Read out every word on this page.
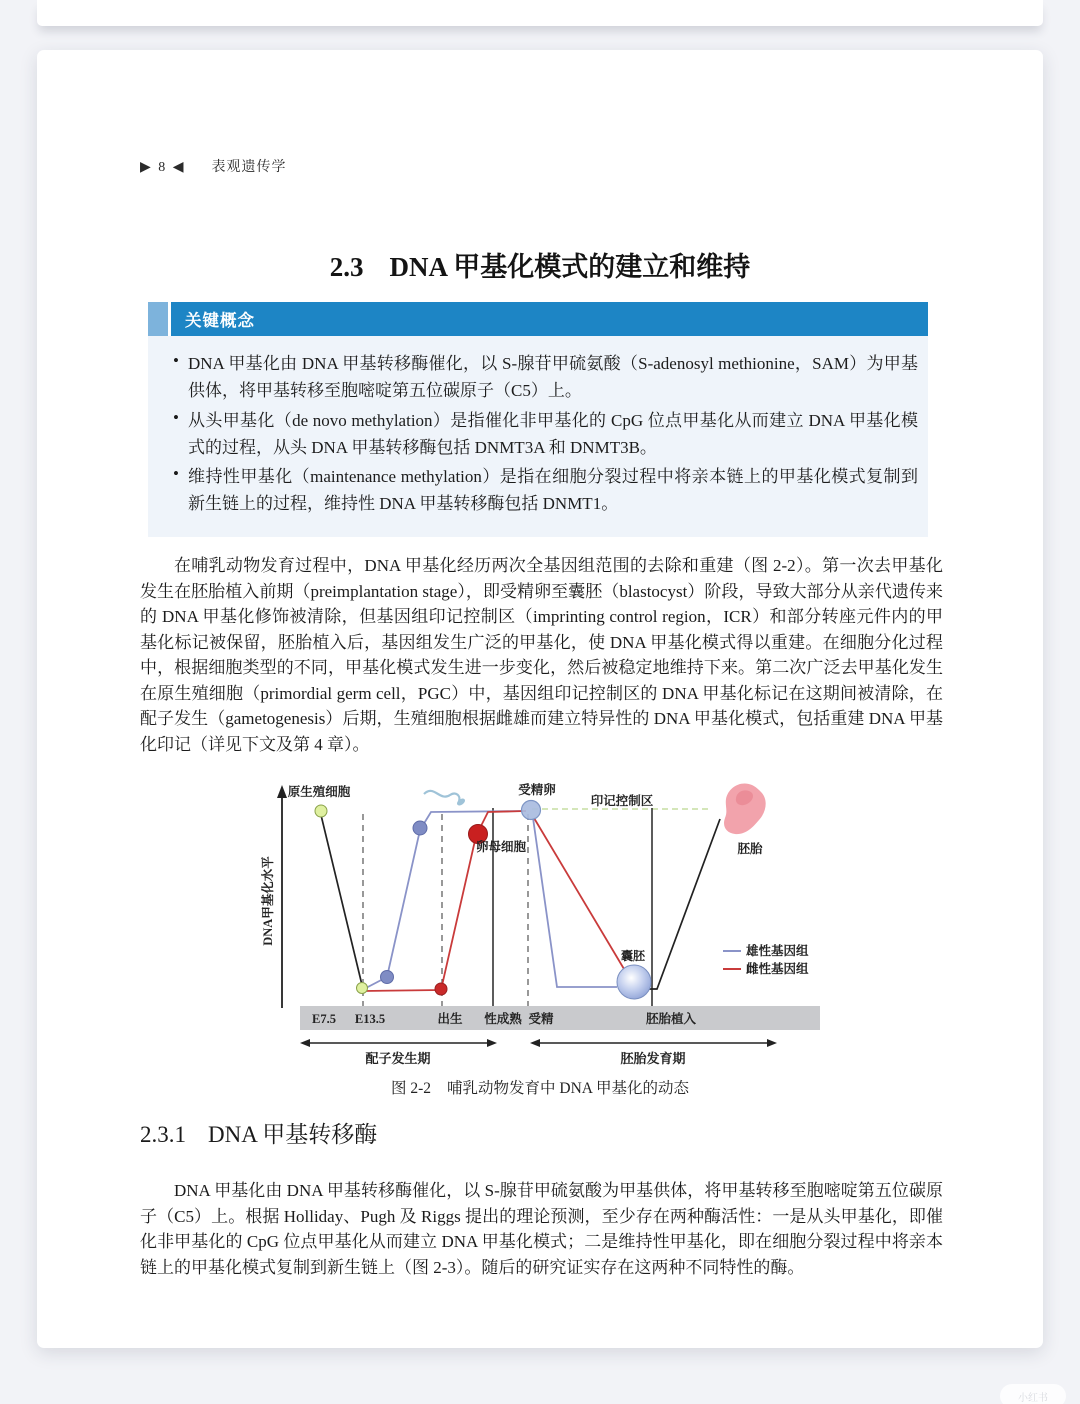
▶ 8 ◀ 表观遗传学
2.3 DNA 甲基化模式的建立和维持
关键概念
• DNA 甲基化由 DNA 甲基转移酶催化，以 S-腺苷甲硫氨酸（S-adenosyl methionine，SAM）为甲基供体，将甲基转移至胞嘧啶第五位碳原子（C5）上。
• 从头甲基化（de novo methylation）是指催化非甲基化的 CpG 位点甲基化从而建立 DNA 甲基化模式的过程，从头 DNA 甲基转移酶包括 DNMT3A 和 DNMT3B。
• 维持性甲基化（maintenance methylation）是指在细胞分裂过程中将亲本链上的甲基化模式复制到新生链上的过程，维持性 DNA 甲基转移酶包括 DNMT1。
在哺乳动物发育过程中，DNA 甲基化经历两次全基因组范围的去除和重建（图 2-2）。第一次去甲基化发生在胚胎植入前期（preimplantation stage），即受精卵至囊胚（blastocyst）阶段，导致大部分从亲代遗传来的 DNA 甲基化修饰被清除，但基因组印记控制区（imprinting control region，ICR）和部分转座元件内的甲基化标记被保留，胚胎植入后，基因组发生广泛的甲基化，使 DNA 甲基化模式得以重建。在细胞分化过程中，根据细胞类型的不同，甲基化模式发生进一步变化，然后被稳定地维持下来。第二次广泛去甲基化发生在原生殖细胞（primordial germ cell，PGC）中，基因组印记控制区的 DNA 甲基化标记在这期间被清除，在配子发生（gametogenesis）后期，生殖细胞根据雌雄而建立特异性的 DNA 甲基化模式，包括重建 DNA 甲基化印记（详见下文及第 4 章）。
DNA甲基化水平
原生殖细胞	受精卵
印记控制区
胚胎
卵母细胞
囊胚	雄性基因组
雌性基因组
E7.5 E13.5	出生 性成熟 受精	胚胎植入
配子发生期	胚胎发育期
图 2-2 哺乳动物发育中 DNA 甲基化的动态
2.3.1 DNA 甲基转移酶
DNA 甲基化由 DNA 甲基转移酶催化，以 S-腺苷甲硫氨酸为甲基供体，将甲基转移至胞嘧啶第五位碳原子（C5）上。根据 Holliday、Pugh 及 Riggs 提出的理论预测，至少存在两种酶活性：一是从头甲基化，即催化非甲基化的 CpG 位点甲基化从而建立 DNA 甲基化模式；二是维持性甲基化，即在细胞分裂过程中将亲本链上的甲基化模式复制到新生链上（图 2-3）。随后的研究证实存在这两种不同特性的酶。
小红书
